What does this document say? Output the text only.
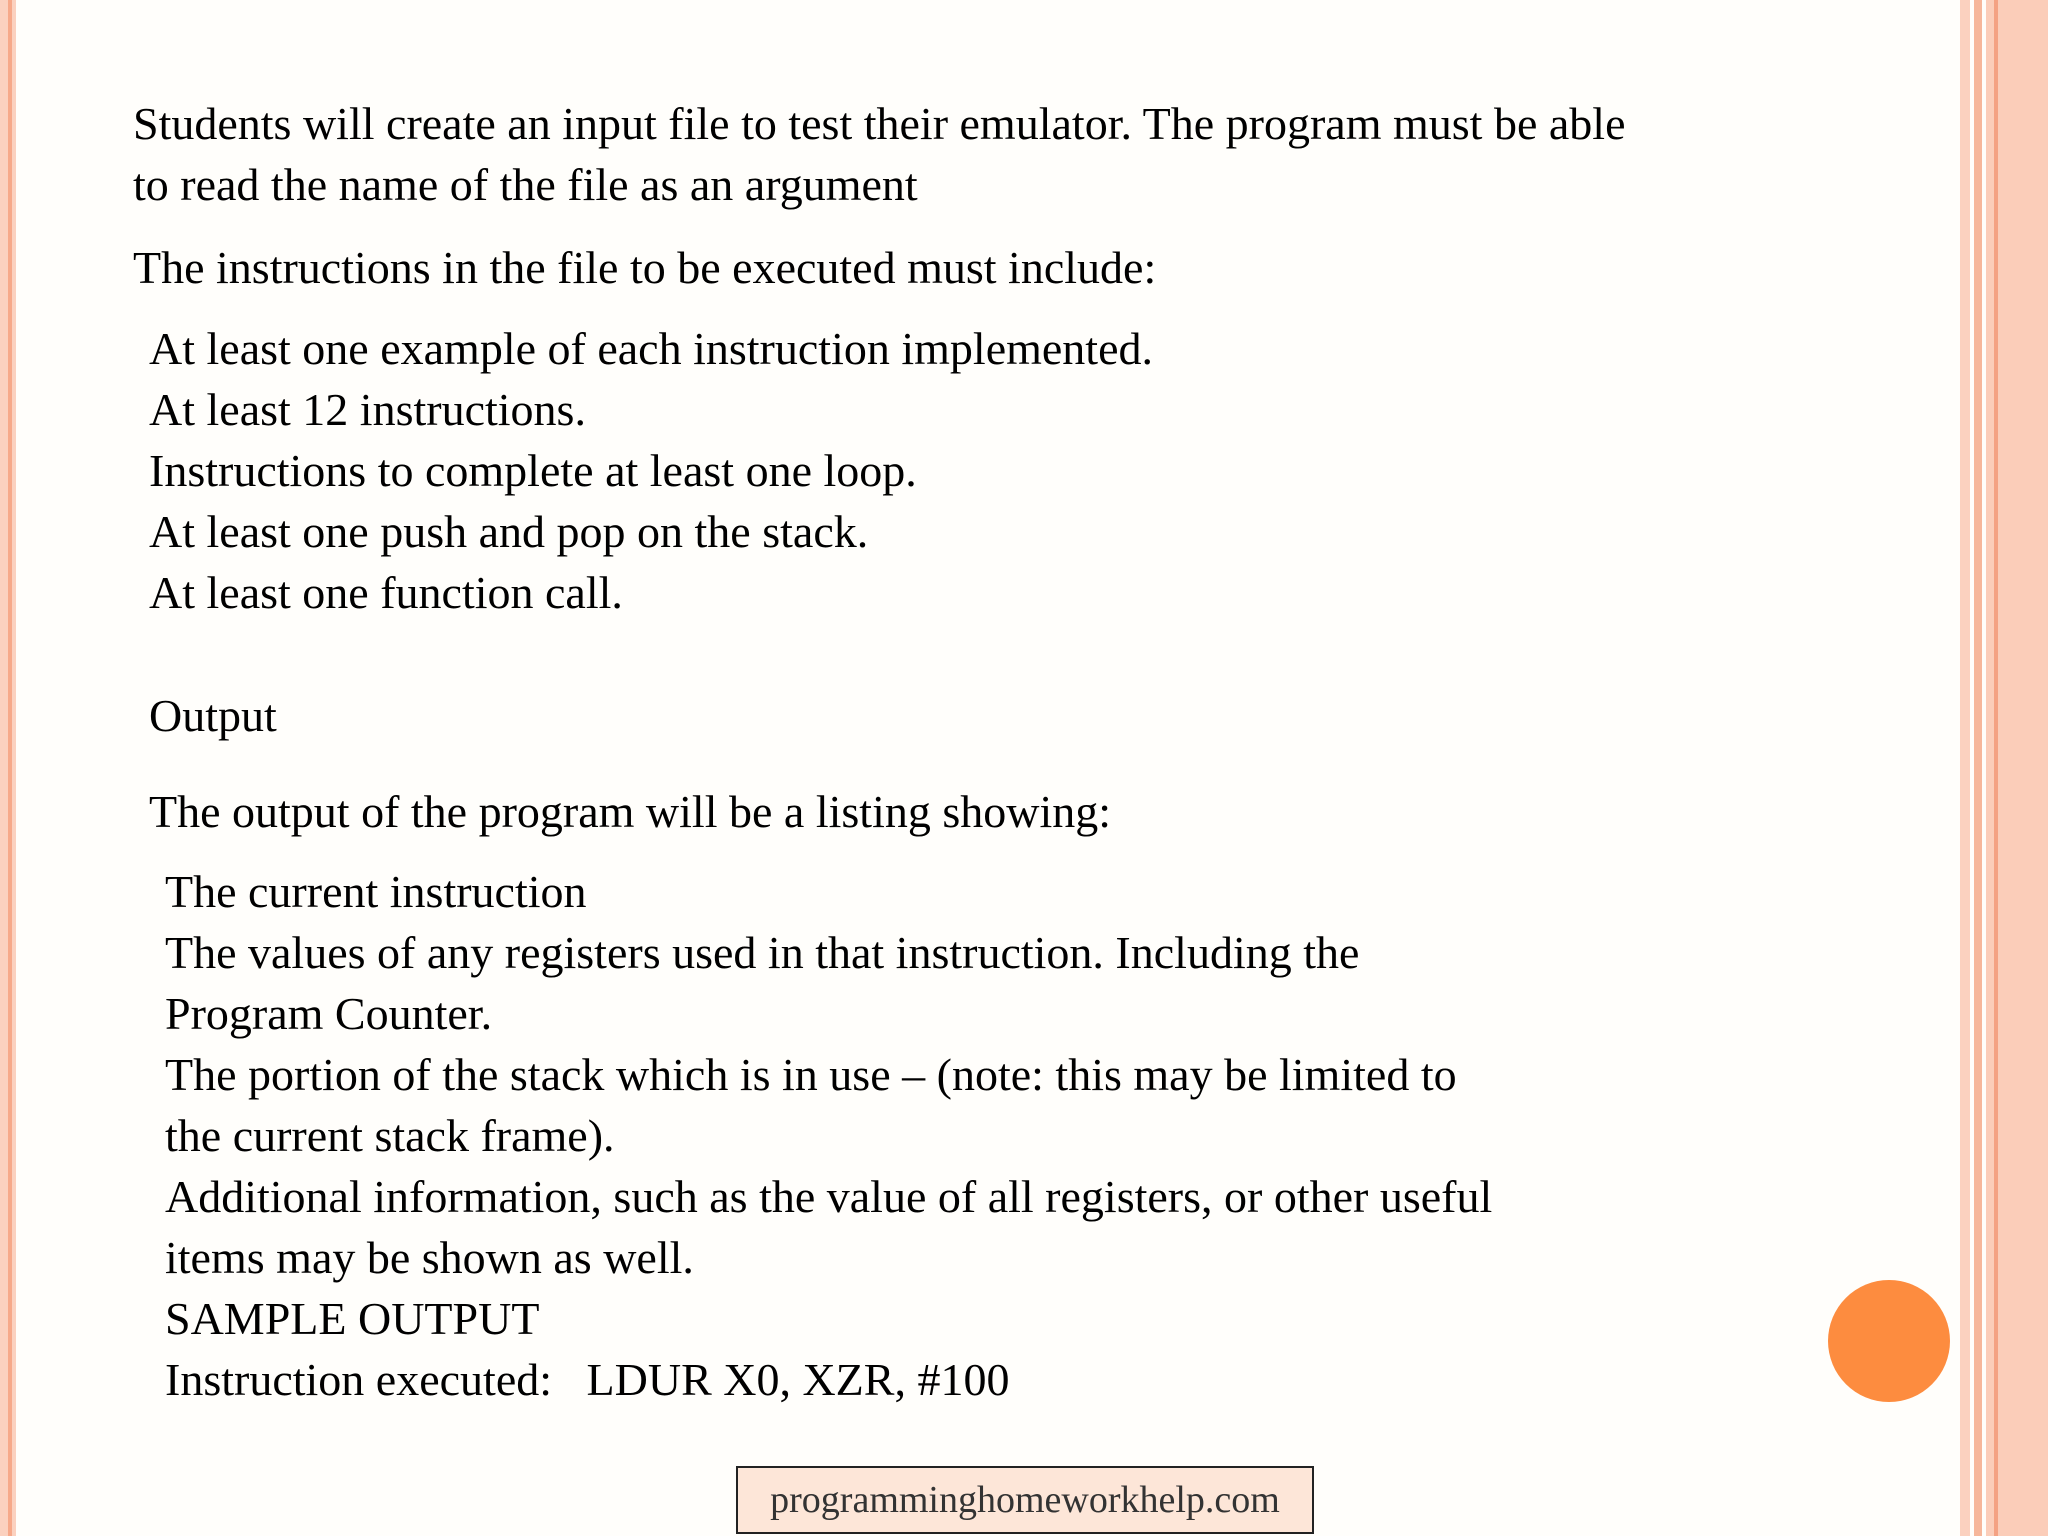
Students will create an input file to test their emulator. The program must be able
to read the name of the file as an argument
The instructions in the file to be executed must include:
At least one example of each instruction implemented.
At least 12 instructions.
Instructions to complete at least one loop.
At least one push and pop on the stack.
At least one function call.
Output
The output of the program will be a listing showing:
The current instruction
The values of any registers used in that instruction. Including the
Program Counter.
The portion of the stack which is in use – (note: this may be limited to
the current stack frame).
Additional information, such as the value of all registers, or other useful
items may be shown as well.
SAMPLE OUTPUT
Instruction executed:   LDUR X0, XZR, #100
programminghomeworkhelp.com
